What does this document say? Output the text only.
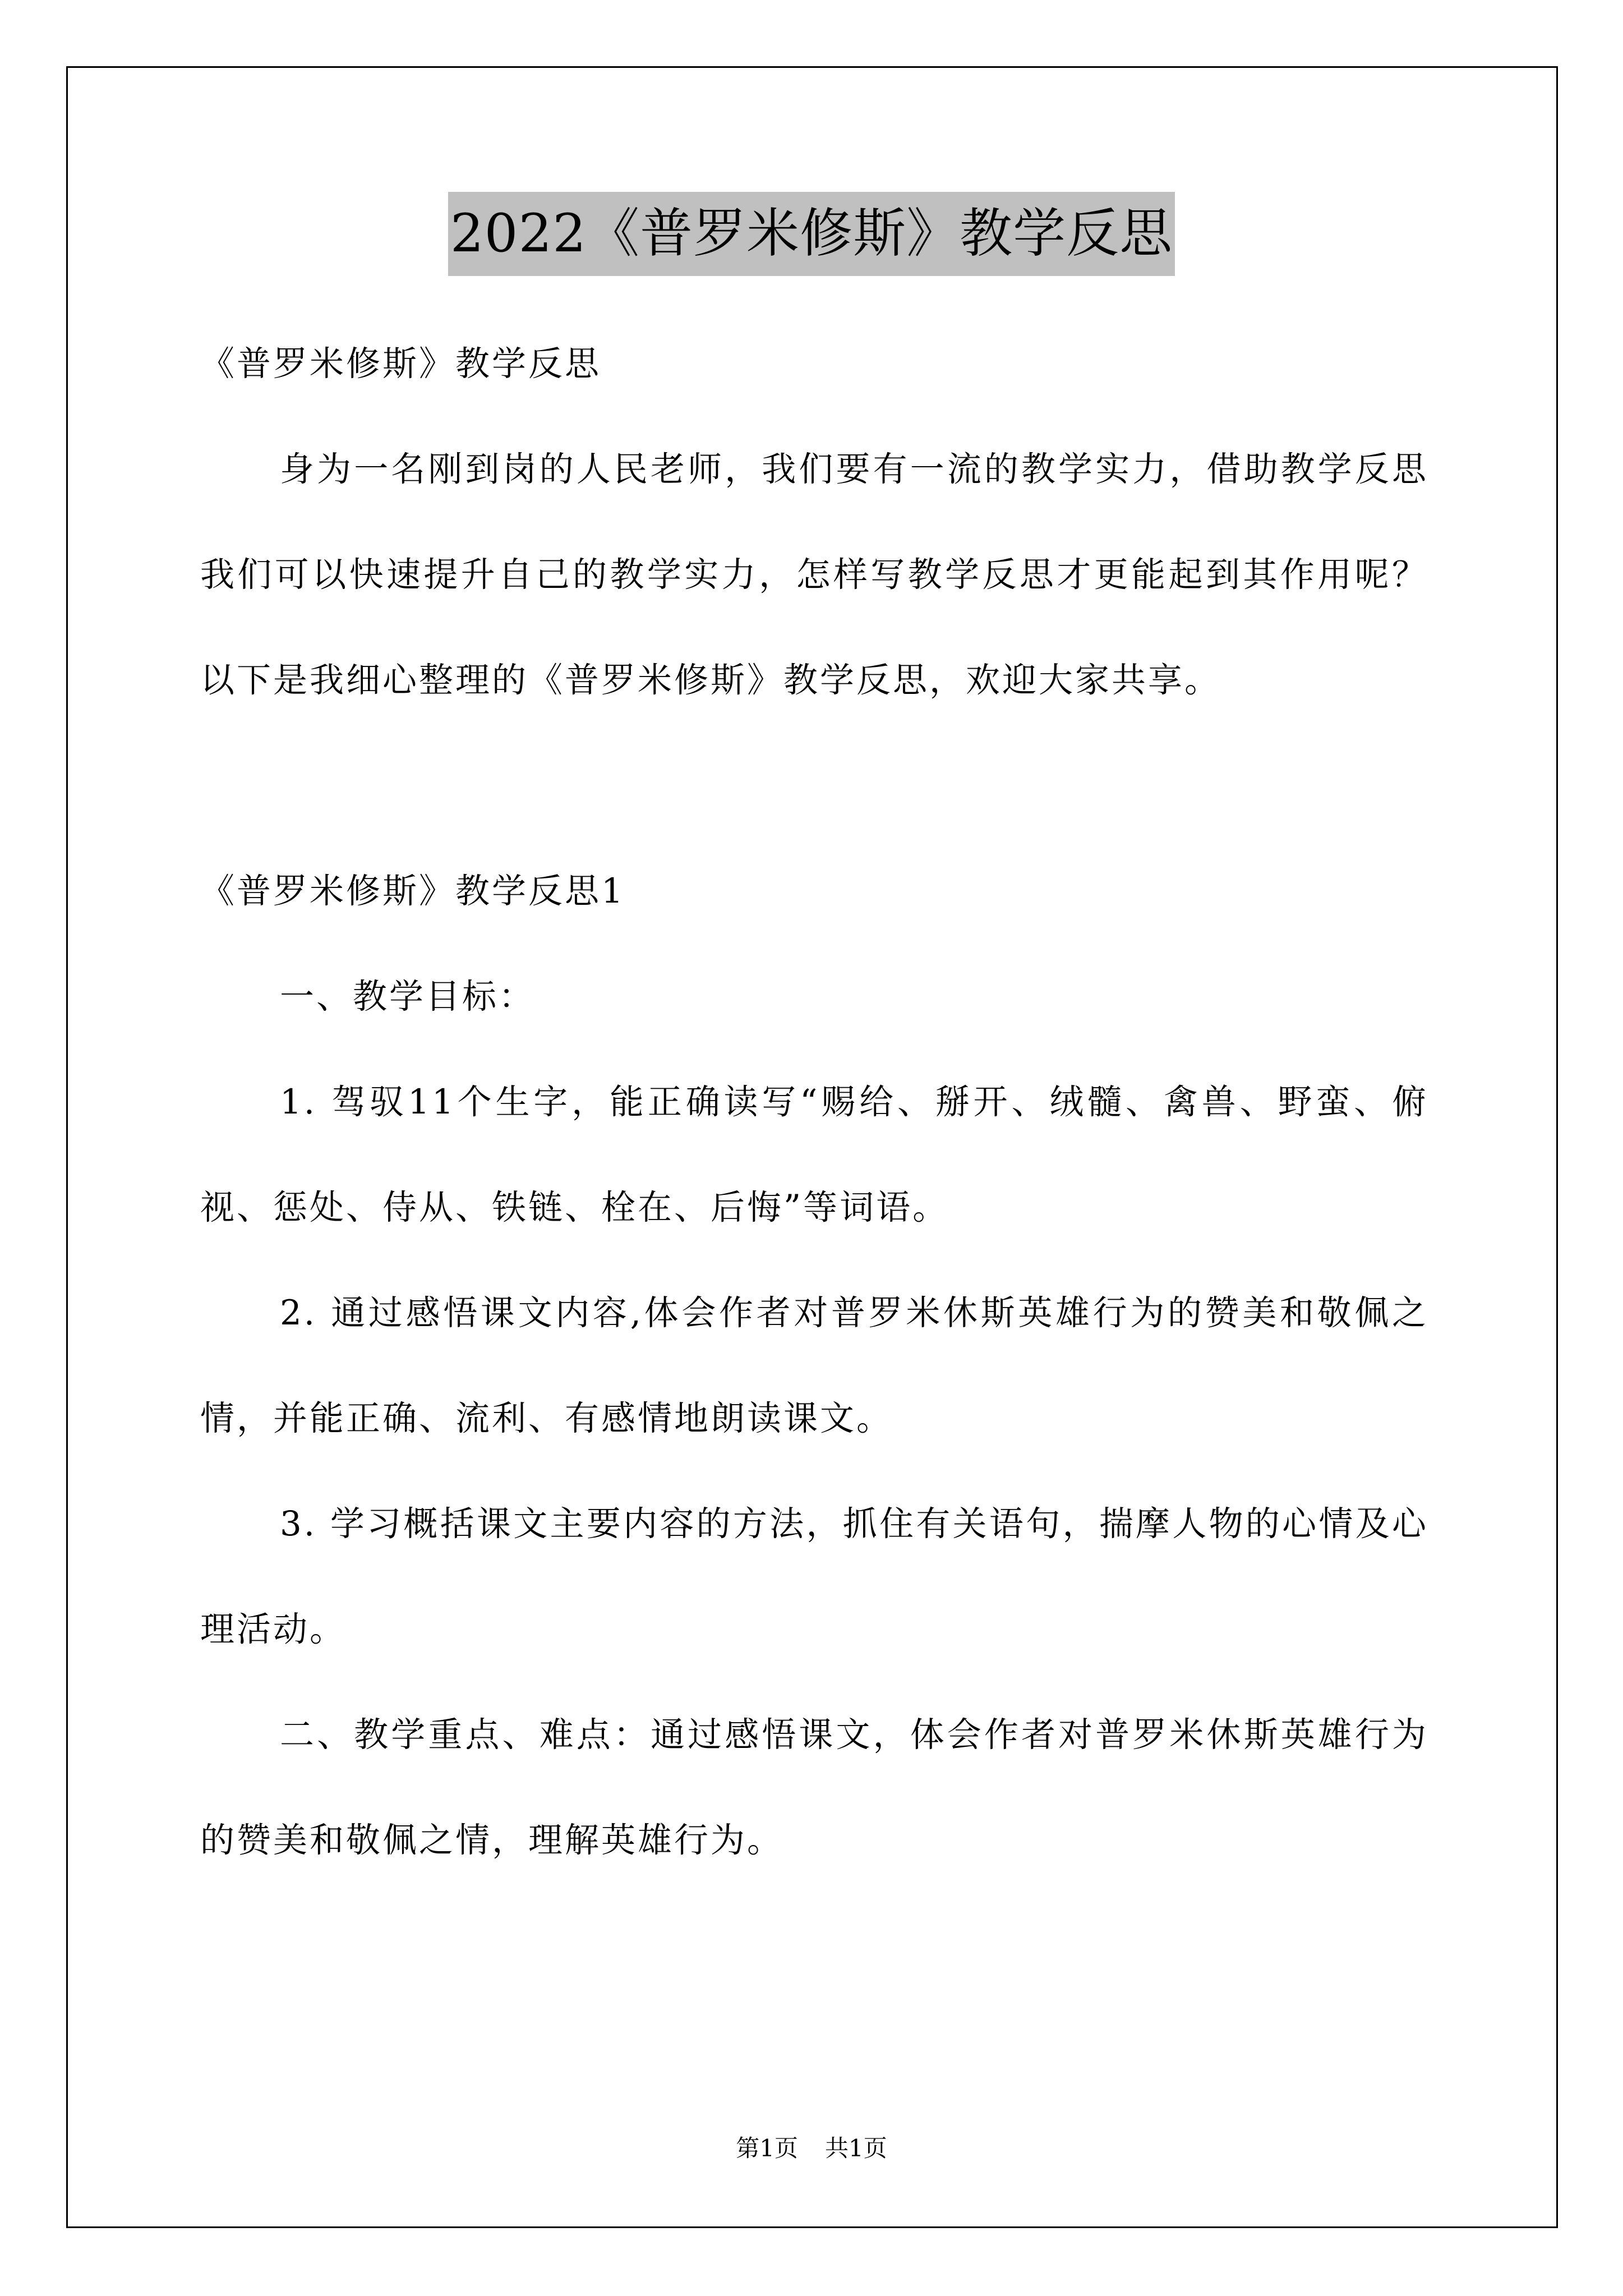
2022《普罗米修斯》教学反思

《普罗米修斯》教学反思

身为一名刚到岗的人民老师，我们要有一流的教学实力，借助教学反思我们可以快速提升自己的教学实力，怎样写教学反思才更能起到其作用呢？以下是我细心整理的《普罗米修斯》教学反思，欢迎大家共享。

《普罗米修斯》教学反思1

一、教学目标：

1. 驾驭11个生字，能正确读写“赐给、掰开、绒髓、禽兽、野蛮、俯视、惩处、侍从、铁链、栓在、后悔”等词语。

2. 通过感悟课文内容,体会作者对普罗米休斯英雄行为的赞美和敬佩之情，并能正确、流利、有感情地朗读课文。

3. 学习概括课文主要内容的方法，抓住有关语句，揣摩人物的心情及心理活动。

二、教学重点、难点：通过感悟课文，体会作者对普罗米休斯英雄行为的赞美和敬佩之情，理解英雄行为。

第1页 共1页
